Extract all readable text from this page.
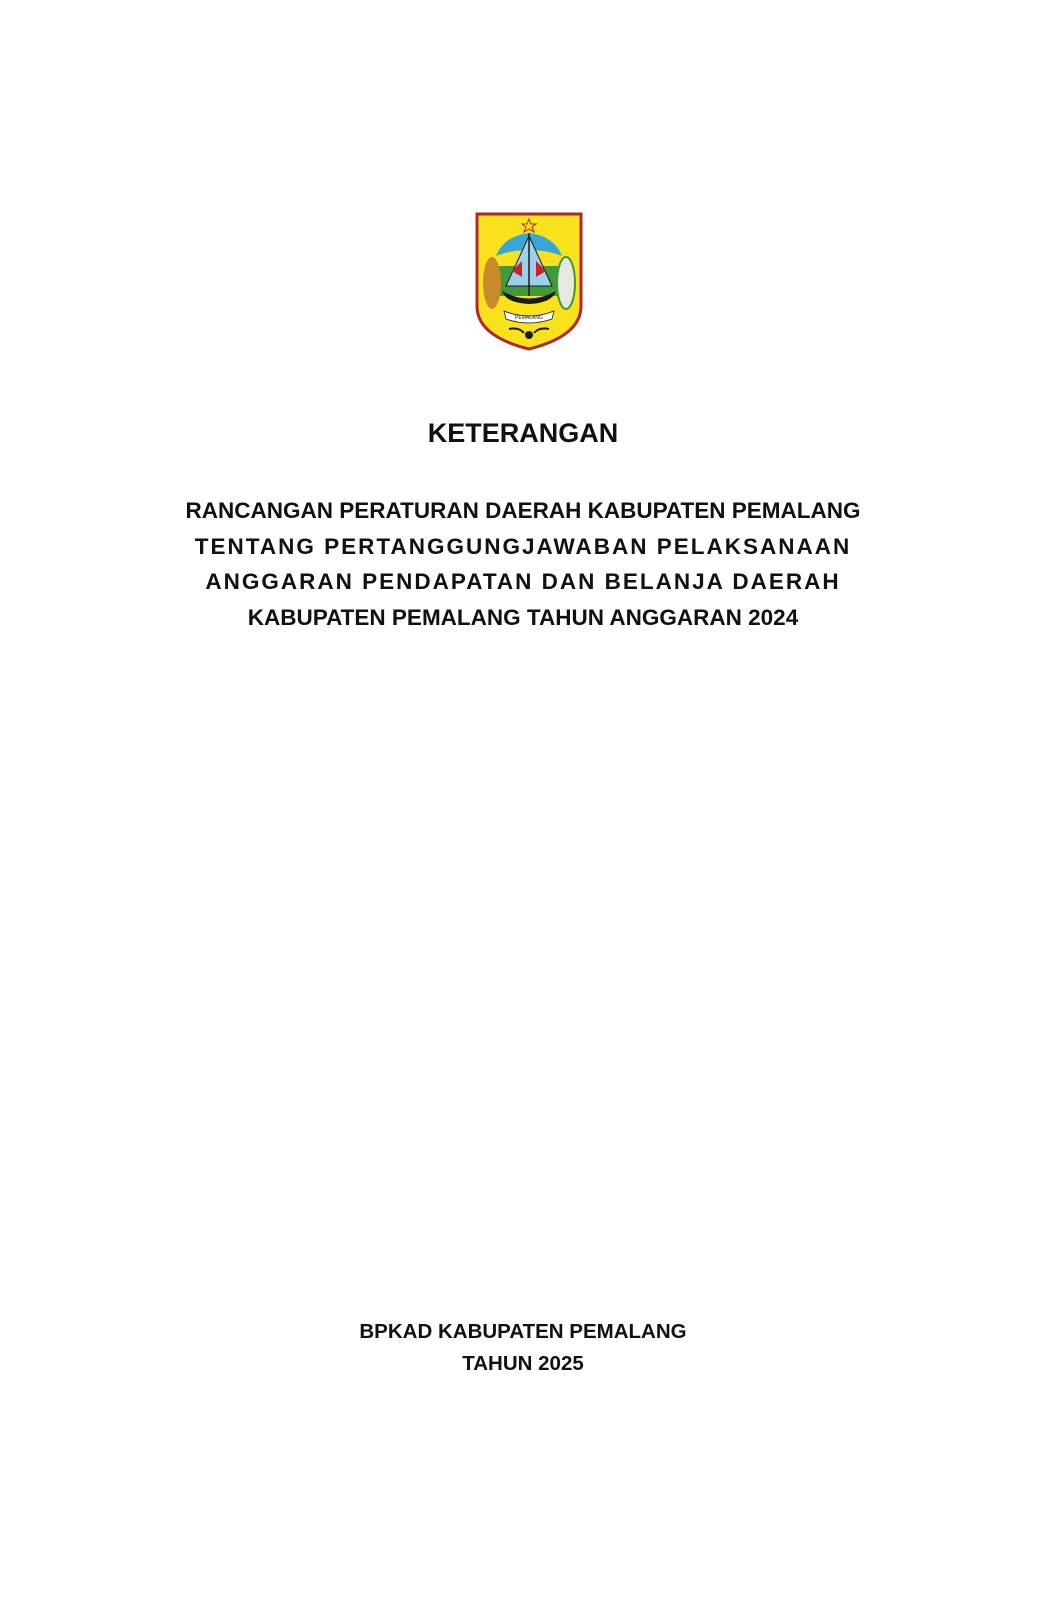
PEMALANG
KETERANGAN
RANCANGAN PERATURAN DAERAH KABUPATEN PEMALANG
TENTANG PERTANGGUNGJAWABAN PELAKSANAAN
ANGGARAN PENDAPATAN DAN BELANJA DAERAH
KABUPATEN PEMALANG TAHUN ANGGARAN 2024
BPKAD KABUPATEN PEMALANG
TAHUN 2025
